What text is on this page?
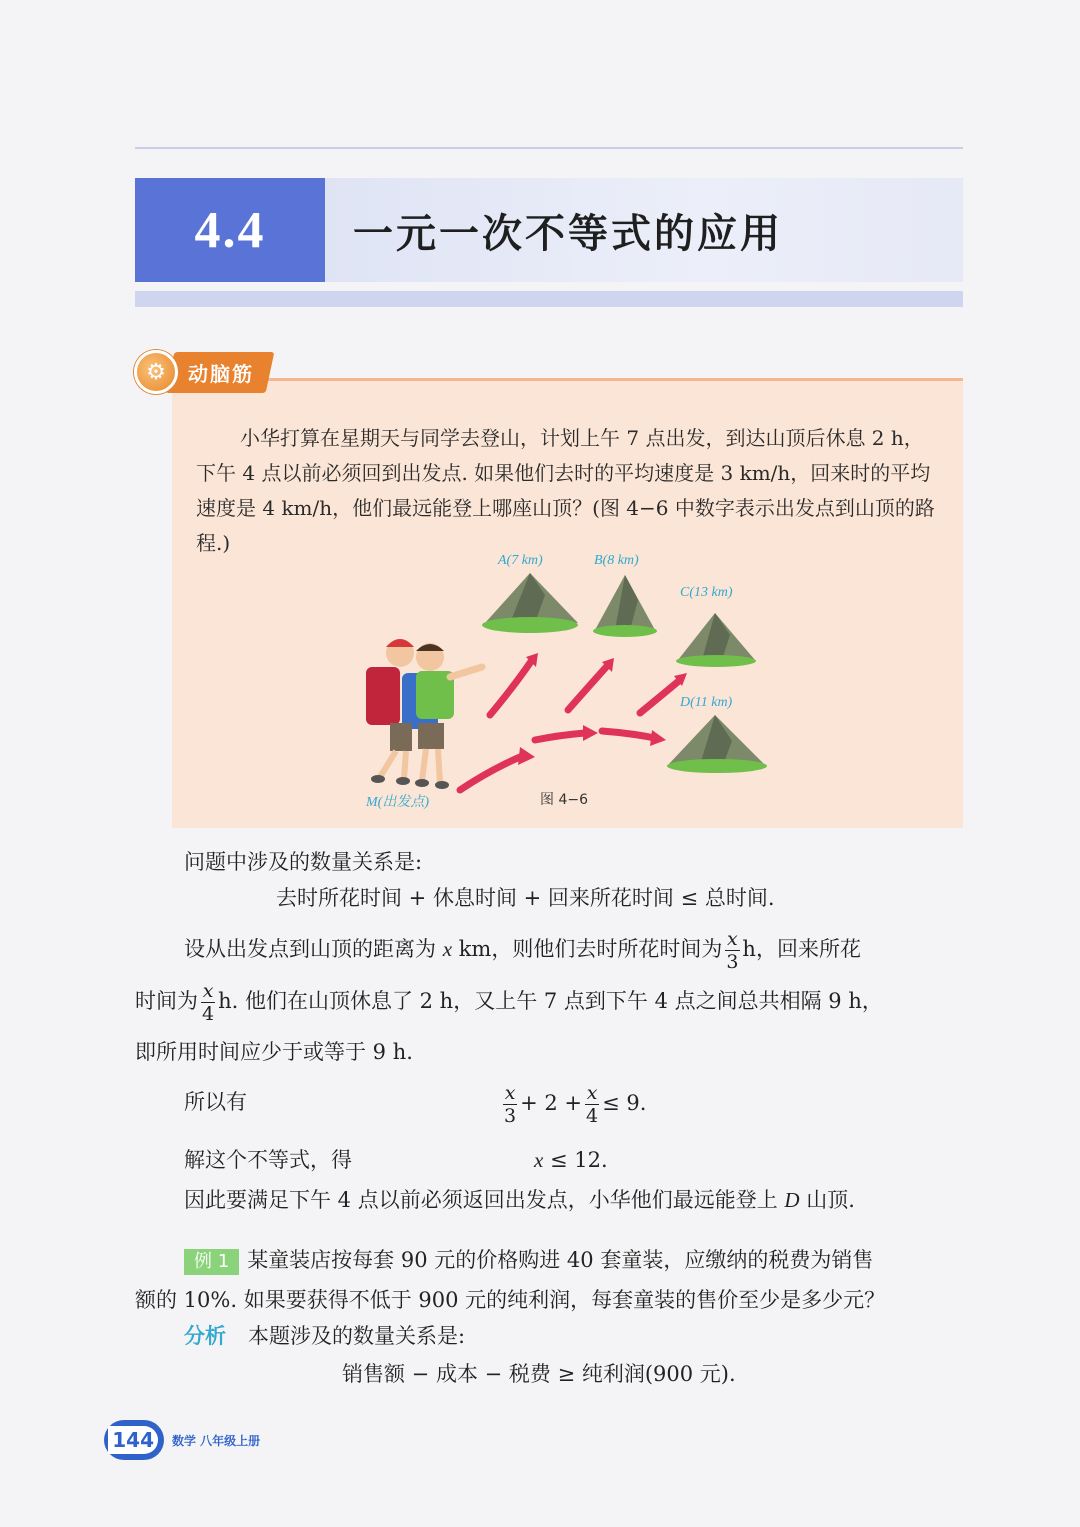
4.4	一元一次不等式的应用
小华打算在星期天与同学去登山，计划上午 7 点出发，到达山顶后休息 2 h，下午 4 点以前必须回到出发点. 如果他们去时的平均速度是 3 km/h，回来时的平均速度是 4 km/h，他们最远能登上哪座山顶？(图 4−6 中数字表示出发点到山顶的路程.)
⚙	动脑筋
A(7 km)	B(8 km)
C(13 km)
D(11 km)
M(出发点)	图 4−6
问题中涉及的数量关系是:
去时所花时间 + 休息时间 + 回来所花时间 ≤ 总时间.
设从出发点到山顶的距离为 x km，则他们去时所花时间为 $\frac{x}{3}$ h，回来所花
时间为 $\frac{x}{4} h$. 他们在山顶休息了 2 h，又上午 7 点到下午 4 点之间总共相隔 9 h，
即所用时间应少于或等于 9 h.
所以有	$\frac{x}{3} + 2 + \frac{x}{4} \le 9$.
解这个不等式，得	x ≤ 12.
因此要满足下午 4 点以前必须返回出发点，小华他们最远能登上 D 山顶.
例 1 某童装店按每套 90 元的价格购进 40 套童装，应缴纳的税费为销售
额的 10%. 如果要获得不低于 900 元的纯利润，每套童装的售价至少是多少元？
分析 本题涉及的数量关系是:
销售额 − 成本 − 税费 ≥ 纯利润(900 元).
144	数学 八年级上册
